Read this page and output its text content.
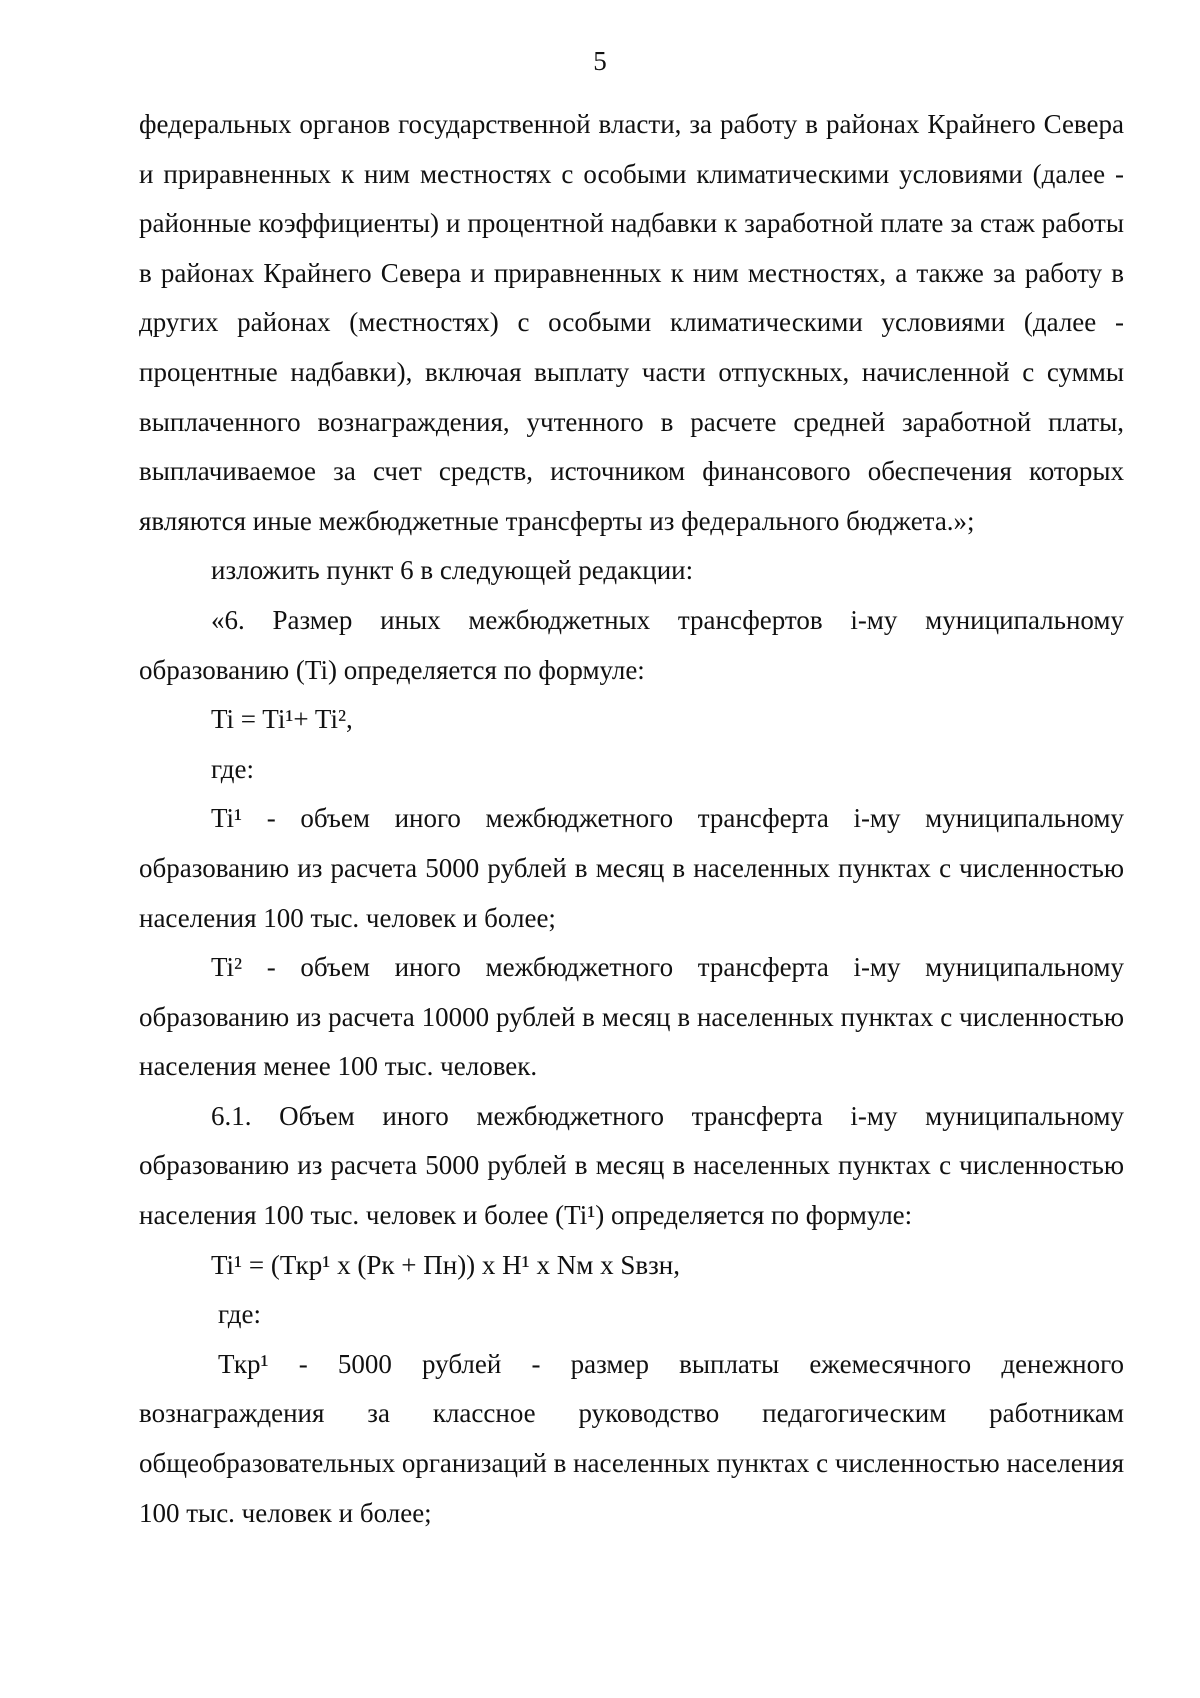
5

федеральных органов государственной власти, за работу в районах Крайнего Севера и приравненных к ним местностях с особыми климатическими условиями (далее - районные коэффициенты) и процентной надбавки к заработной плате за стаж работы в районах Крайнего Севера и приравненных к ним местностях, а также за работу в других районах (местностях) с особыми климатическими условиями (далее - процентные надбавки), включая выплату части отпускных, начисленной с суммы выплаченного вознаграждения, учтенного в расчете средней заработной платы, выплачиваемое за счет средств, источником финансового обеспечения которых являются иные межбюджетные трансферты из федерального бюджета.»;

изложить пункт 6 в следующей редакции:

«6. Размер иных межбюджетных трансфертов i-му муниципальному образованию (Ti) определяется по формуле:

Ti = Ti¹+ Ti²,

где:

Ti¹ - объем иного межбюджетного трансферта i-му муниципальному образованию из расчета 5000 рублей в месяц в населенных пунктах с численностью населения 100 тыс. человек и более;

Ti² - объем иного межбюджетного трансферта i-му муниципальному образованию из расчета 10000 рублей в месяц в населенных пунктах с численностью населения менее 100 тыс. человек.

6.1. Объем иного межбюджетного трансферта i-му муниципальному образованию из расчета 5000 рублей в месяц в населенных пунктах с численностью населения 100 тыс. человек и более (Ti¹) определяется по формуле:

Ti¹ = (Ткр¹ х (Рк + Пн)) х Н¹ х Nм х Sвзн,

где:

Ткр¹ - 5000 рублей - размер выплаты ежемесячного денежного вознаграждения за классное руководство педагогическим работникам общеобразовательных организаций в населенных пунктах с численностью населения 100 тыс. человек и более;
